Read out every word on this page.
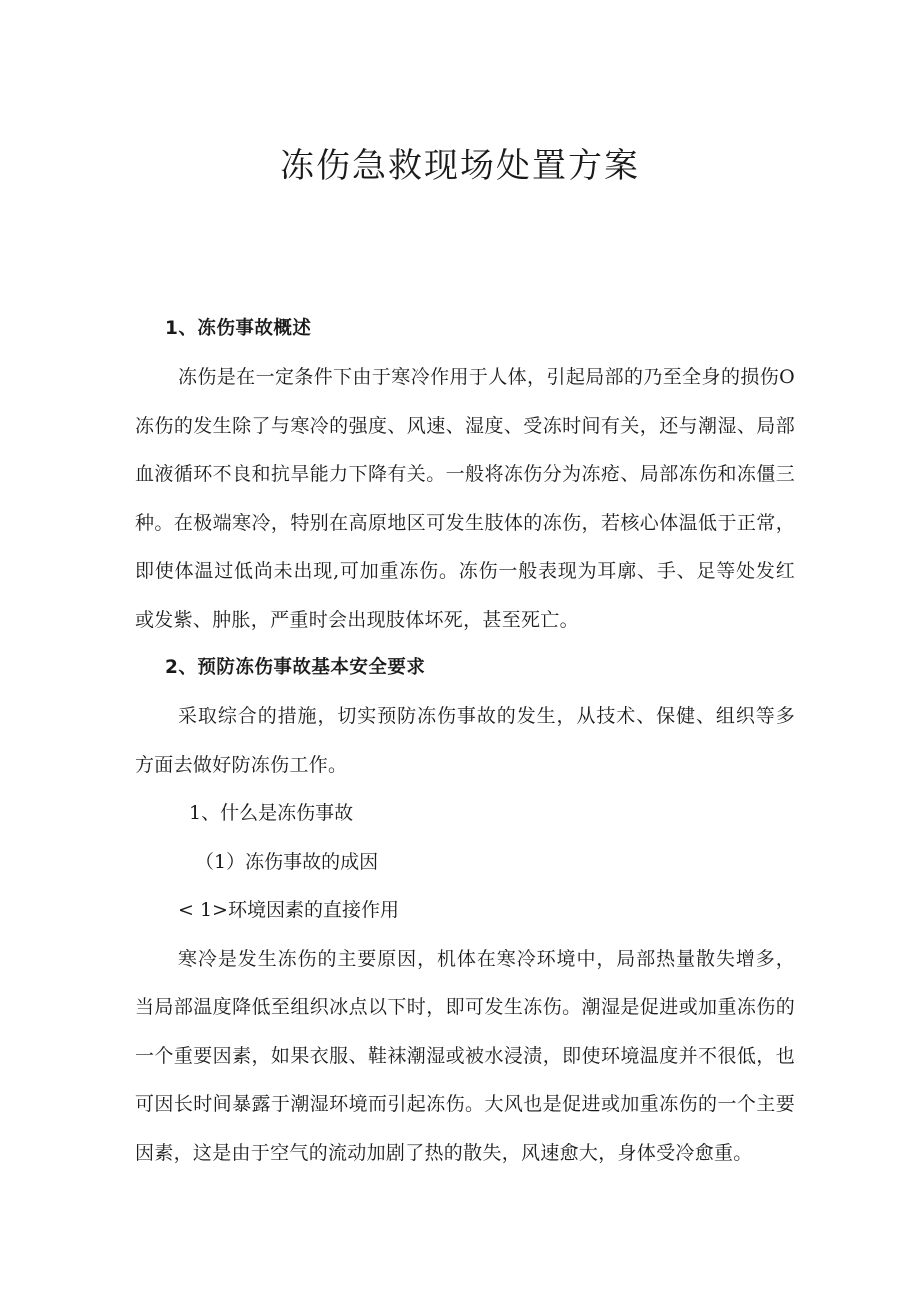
冻伤急救现场处置方案

1、冻伤事故概述

冻伤是在一定条件下由于寒冷作用于人体，引起局部的乃至全身的损伤O冻伤的发生除了与寒冷的强度、风速、湿度、受冻时间有关，还与潮湿、局部血液循环不良和抗旱能力下降有关。一般将冻伤分为冻疮、局部冻伤和冻僵三种。在极端寒冷，特别在高原地区可发生肢体的冻伤，若核心体温低于正常，即使体温过低尚未出现,可加重冻伤。冻伤一般表现为耳廓、手、足等处发红或发紫、肿胀，严重时会出现肢体坏死，甚至死亡。

2、预防冻伤事故基本安全要求

采取综合的措施，切实预防冻伤事故的发生，从技术、保健、组织等多方面去做好防冻伤工作。

1、什么是冻伤事故

（1）冻伤事故的成因

< 1>环境因素的直接作用

寒冷是发生冻伤的主要原因，机体在寒冷环境中，局部热量散失增多，当局部温度降低至组织冰点以下时，即可发生冻伤。潮湿是促进或加重冻伤的一个重要因素，如果衣服、鞋袜潮湿或被水浸渍，即使环境温度并不很低，也可因长时间暴露于潮湿环境而引起冻伤。大风也是促进或加重冻伤的一个主要因素，这是由于空气的流动加剧了热的散失，风速愈大，身体受冷愈重。
